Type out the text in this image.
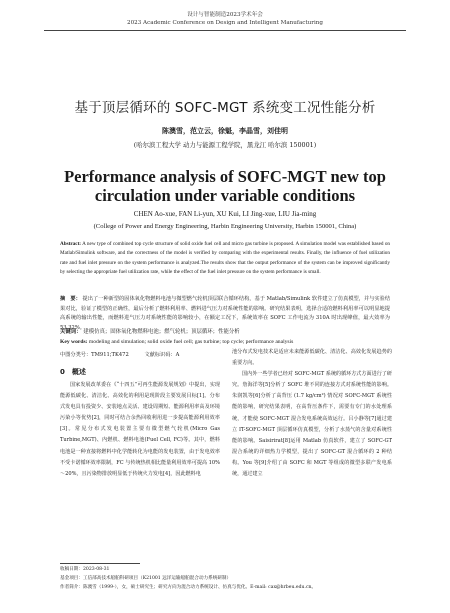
设计与智能制造2023学术年会
2023 Academic Conference on Design and Intelligent Manufacturing
基于顶层循环的 SOFC-MGT 系统变工况性能分析
陈澳雪，范立云，徐魁，李晶雪，刘佳明
(哈尔滨工程大学 动力与能源工程学院，黑龙江 哈尔滨 150001)
Performance analysis of SOFC-MGT new top circulation under variable conditions
CHEN Ao-xue, FAN Li-yun, XU Kui, LI Jing-xue, LIU Jia-ming
(College of Power and Energy Engineering, Harbin Engineering University, Harbin 150001, China)
Abstract: A new type of combined top cycle structure of solid oxide fuel cell and micro gas turbine is proposed. A simulation model was established based on Matlab/Simulink software, and the correctness of the model is verified by comparing with the experimental results. Finally, the influence of fuel utilization rate and fuel inlet pressure on the system performance is analyzed.The results show that the output performance of the system can be improved significantly by selecting the appropriate fuel utilization rate, while the effect of the fuel inlet pressure on the system performance is small.
摘　要： 提出了一种新型的固体氧化物燃料电池与微型燃气轮机顶层联合循环结构，基于 Matlab/Simulink 软件建立了仿真模型，并与实验结果对比，验证了模型的正确性，最后分析了燃料利用率、燃料进气压力对系统性能的影响。研究结果表明，选择合适的燃料利用率可以明显地提高系统的输出性能，而燃料进气压力对系统性能的影响较小，在额定工况下，系统效率在 SOFC 工作电流为 310A 时出现峰值，最大效率为 53.32%。
关键词： 建模仿真；固体氧化物燃料电池；燃气轮机；顶层循环；性能分析
Key words: modeling and simulation; solid oxide fuel cell; gas turbine; top cycle; performance analysis
中图分类号：TM911;TK472	文献标识码：A
0　概述

国家发展改革委在《“十四五”可再生能源发展规划》中提出，实现能源低碳化、清洁化、高效化的利用是现阶段主要发展目标[1]。分布式发电具有投资少、安装地点灵活、建设周期短、能源利用率高及环境污染小等优势[2]，同时可结合余热回收利用进一步提高能源利用效率[3]。常见分布式发电装置主要有微型燃气轮机(Micro Gas Turbine,MGT)、内燃机、燃料电池(Fuel Cell, FC)等。其中，燃料电池是一种直接将燃料中化学能转化为电能的发电装置，由于发电效率不受卡诺循环效率限制，FC 与传统热机相比能量利用效率可提高 10%～20%，且污染物排放明显低于传统火力发电[4]，因此燃料电

池分布式发电技术是适应未来能源低碳化、清洁化、高效化发展趋势的重要方向。

国内外一些学者已经对 SOFC-MGT 系统的循环方式方面进行了研究。詹海洋等[5]分析了 SOFC 堆不同的连接方式对系统性能的影响。朱润凯等[6]分析了高背压 (1.7 kg/cm²) 情况对 SOFC-MGT 系统性能的影响，研究结果表明，在高背压条件下，需要有专门的水处理系统，才能使 SOFC-MGT 混合发电系统高效运行。吕小静等[7]通过建立 IT-SOFC-MGT 顶层循环仿真模型，分析了水蒸气的含量对系统性能的影响。Saisirirat[8]运用 Matlab 仿真软件，建立了 SOFC-GT 混合系统的详细热力学模型，提出了 SOFC-GT 混合循环的 2 种结构。You 等[9]介绍了由 SOFC 和 MGT 等组成的微型多联产发电系统，通过建立

收稿日期：2023-08-31
基金项目：工信部高技术船舶科研项目（K21001 远洋运输船舶混合动力系统研制）
作者简介：陈澳雪（1999-），女，硕士研究生；研究方向为混合动力系统设计、仿真与优化。E-mail: cax@hrbeu.edu.cn。
